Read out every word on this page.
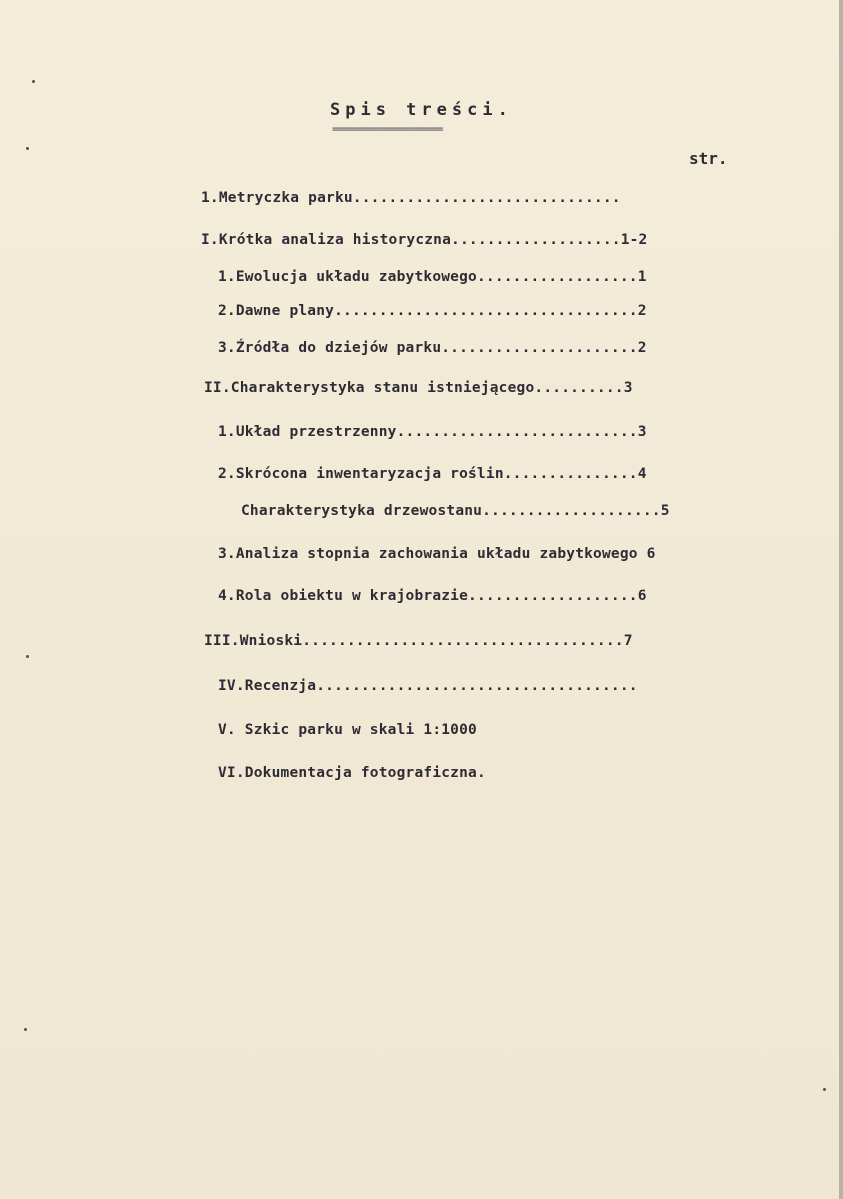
Spis treści.
======================
str.
1.Metryczka parku..............................
I.Krótka analiza historyczna...................1-2
1.Ewolucja układu zabytkowego..................1
2.Dawne plany..................................2
3.Źródła do dziejów parku......................2
II.Charakterystyka stanu istniejącego..........3
1.Układ przestrzenny...........................3
2.Skrócona inwentaryzacja roślin...............4
Charakterystyka drzewostanu....................5
3.Analiza stopnia zachowania układu zabytkowego 6
4.Rola obiektu w krajobrazie...................6
III.Wnioski....................................7
IV.Recenzja....................................
V. Szkic parku w skali 1:1000
VI.Dokumentacja fotograficzna.
